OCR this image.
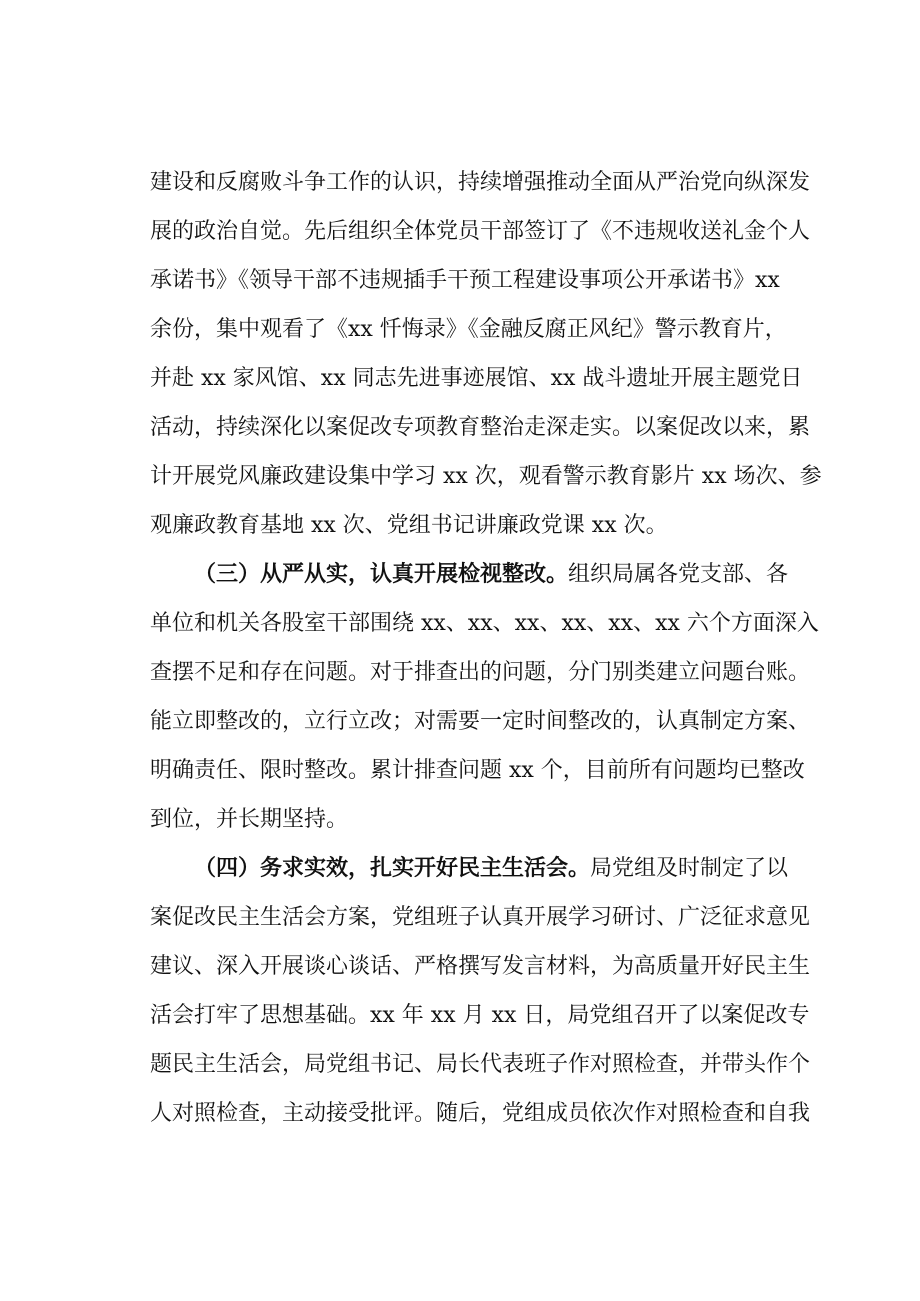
建设和反腐败斗争工作的认识，持续增强推动全面从严治党向纵深发
展的政治自觉。先后组织全体党员干部签订了《不违规收送礼金个人
承诺书》《领导干部不违规插手干预工程建设事项公开承诺书》xx
余份，集中观看了《xx 忏悔录》《金融反腐正风纪》警示教育片，
并赴 xx 家风馆、xx 同志先进事迹展馆、xx 战斗遗址开展主题党日
活动，持续深化以案促改专项教育整治走深走实。以案促改以来，累
计开展党风廉政建设集中学习 xx 次，观看警示教育影片 xx 场次、参
观廉政教育基地 xx 次、党组书记讲廉政党课 xx 次。
（三）从严从实，认真开展检视整改。组织局属各党支部、各
单位和机关各股室干部围绕 xx、xx、xx、xx、xx、xx 六个方面深入
查摆不足和存在问题。对于排查出的问题，分门别类建立问题台账。
能立即整改的，立行立改；对需要一定时间整改的，认真制定方案、
明确责任、限时整改。累计排查问题 xx 个，目前所有问题均已整改
到位，并长期坚持。
（四）务求实效，扎实开好民主生活会。局党组及时制定了以
案促改民主生活会方案，党组班子认真开展学习研讨、广泛征求意见
建议、深入开展谈心谈话、严格撰写发言材料，为高质量开好民主生
活会打牢了思想基础。xx 年 xx 月 xx 日，局党组召开了以案促改专
题民主生活会，局党组书记、局长代表班子作对照检查，并带头作个
人对照检查，主动接受批评。随后，党组成员依次作对照检查和自我
